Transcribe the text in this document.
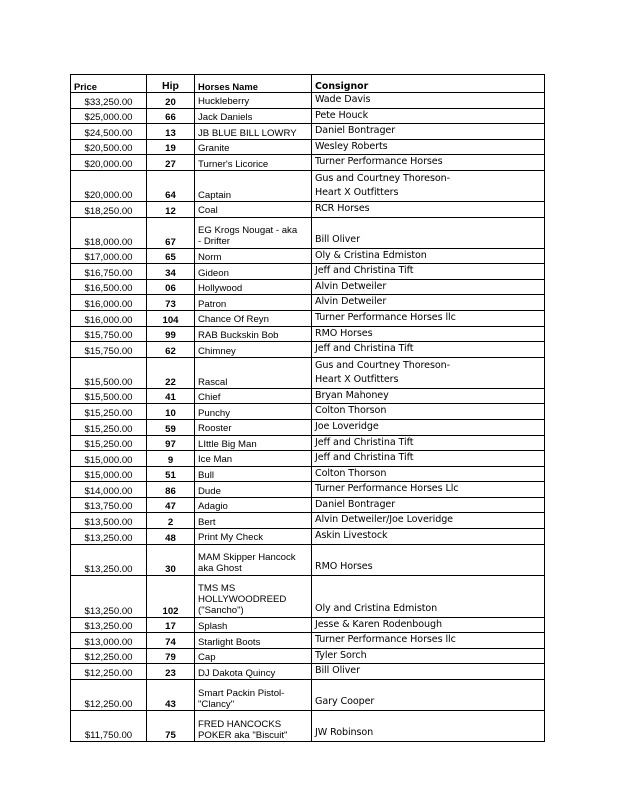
Price	Hip	Horses Name	Consignor
$33,250.00	20	Huckleberry	Wade Davis
$25,000.00	66	Jack Daniels	Pete Houck
$24,500.00	13	JB BLUE BILL LOWRY	Daniel Bontrager
$20,500.00	19	Granite	Wesley Roberts
$20,000.00	27	Turner's Licorice	Turner Performance Horses
$20,000.00	64	Captain	Gus and Courtney Thoreson-
Heart X Outfitters
$18,250.00	12	Coal	RCR Horses
$18,000.00	67	EG Krogs Nougat - aka
- Drifter	Bill Oliver
$17,000.00	65	Norm	Oly & Cristina Edmiston
$16,750.00	34	Gideon	Jeff and Christina Tift
$16,500.00	06	Hollywood	Alvin Detweiler
$16,000.00	73	Patron	Alvin Detweiler
$16,000.00	104	Chance Of Reyn	Turner Performance Horses llc
$15,750.00	99	RAB Buckskin Bob	RMO Horses
$15,750.00	62	Chimney	Jeff and Christina Tift
$15,500.00	22	Rascal	Gus and Courtney Thoreson-
Heart X Outfitters
$15,500.00	41	Chief	Bryan Mahoney
$15,250.00	10	Punchy	Colton Thorson
$15,250.00	59	Rooster	Joe Loveridge
$15,250.00	97	LIttle Big Man	Jeff and Christina Tift
$15,000.00	9	Ice Man	Jeff and Christina Tift
$15,000.00	51	Bull	Colton Thorson
$14,000.00	86	Dude	Turner Performance Horses Llc
$13,750.00	47	Adagio	Daniel Bontrager
$13,500.00	2	Bert	Alvin Detweiler/Joe Loveridge
$13,250.00	48	Print My Check	Askin Livestock
$13,250.00	30	MAM Skipper Hancock
aka Ghost	RMO Horses
$13,250.00	102	TMS MS
HOLLYWOODREED
("Sancho")	Oly and Cristina Edmiston
$13,250.00	17	Splash	Jesse & Karen Rodenbough
$13,000.00	74	Starlight Boots	Turner Performance Horses llc
$12,250.00	79	Cap	Tyler Sorch
$12,250.00	23	DJ Dakota Quincy	Bill Oliver
$12,250.00	43	Smart Packin Pistol-
"Clancy"	Gary Cooper
$11,750.00	75	FRED HANCOCKS
POKER aka "Biscuit"	JW Robinson
